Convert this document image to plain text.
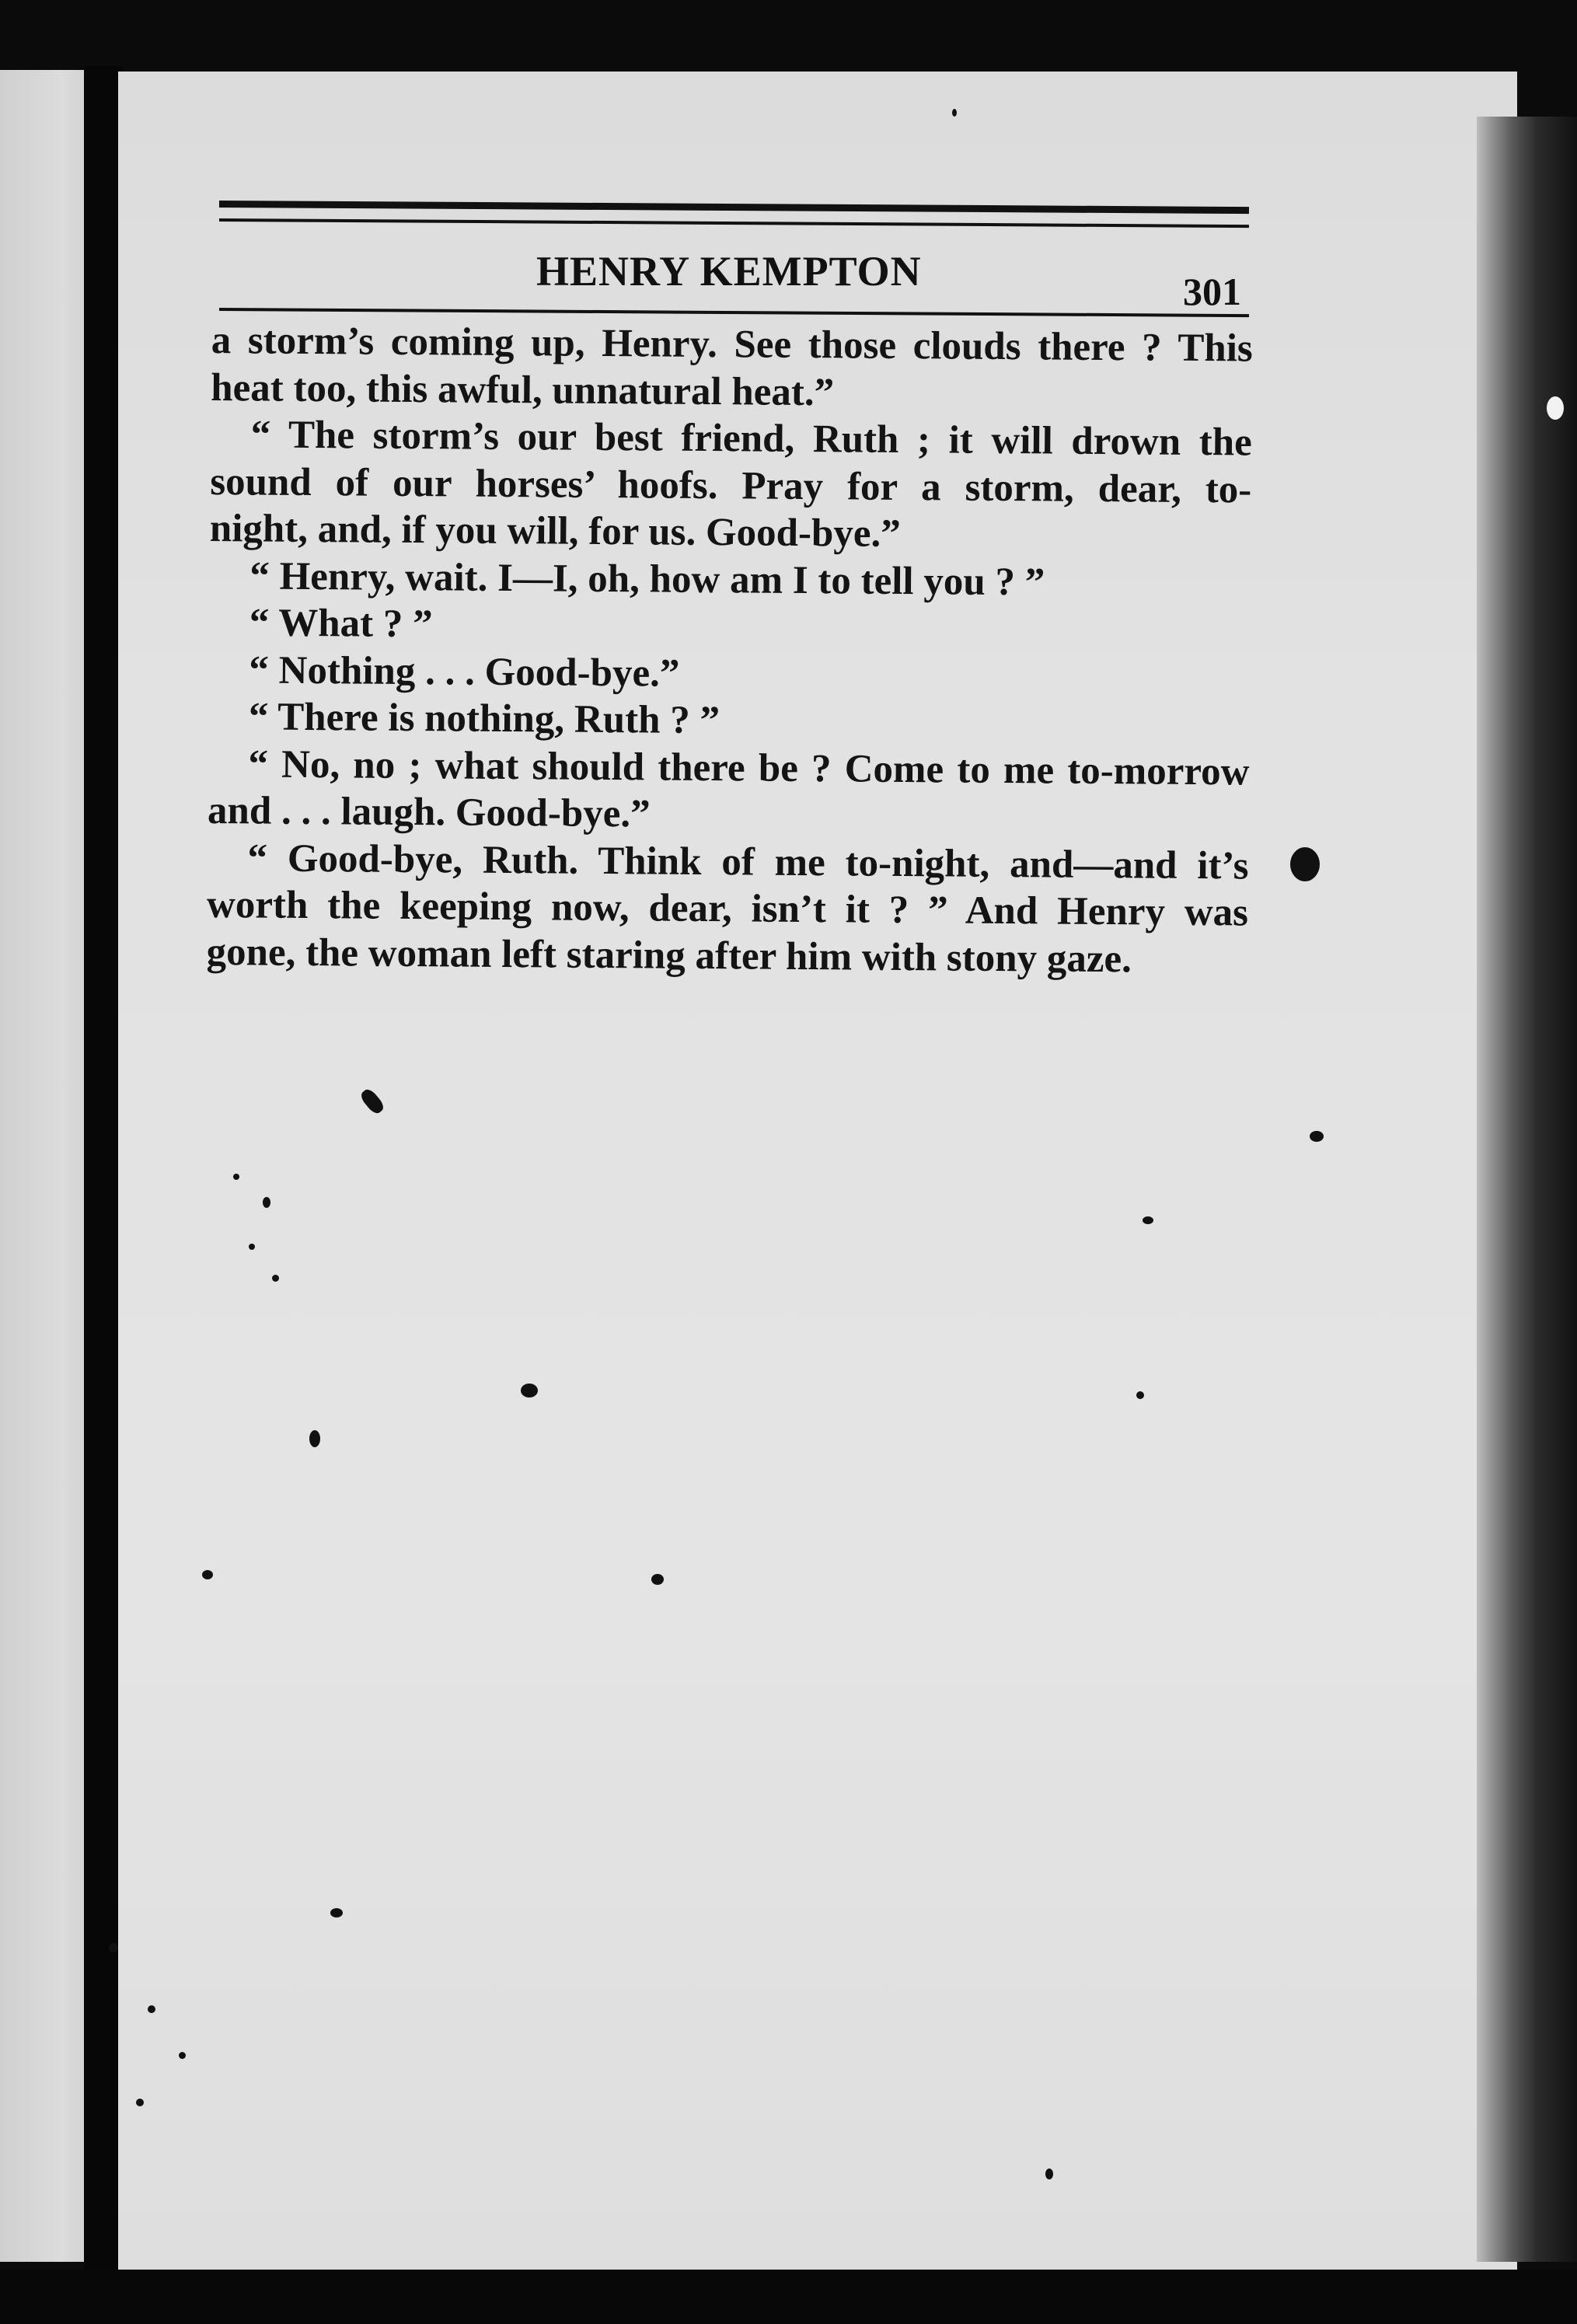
HENRY KEMPTON	301
a storm’s coming up, Henry. See those clouds there ? This
heat too, this awful, unnatural heat.”
“ The storm’s our best friend, Ruth ; it will drown the
sound of our horses’ hoofs. Pray for a storm, dear, to-
night, and, if you will, for us. Good-bye.”
“ Henry, wait. I—I, oh, how am I to tell you ? ”
“ What ? ”
“ Nothing . . . Good-bye.”
“ There is nothing, Ruth ? ”
“ No, no ; what should there be ? Come to me to-morrow
and . . . laugh. Good-bye.”
“ Good-bye, Ruth. Think of me to-night, and—and it’s
worth the keeping now, dear, isn’t it ? ” And Henry was
gone, the woman left staring after him with stony gaze.
